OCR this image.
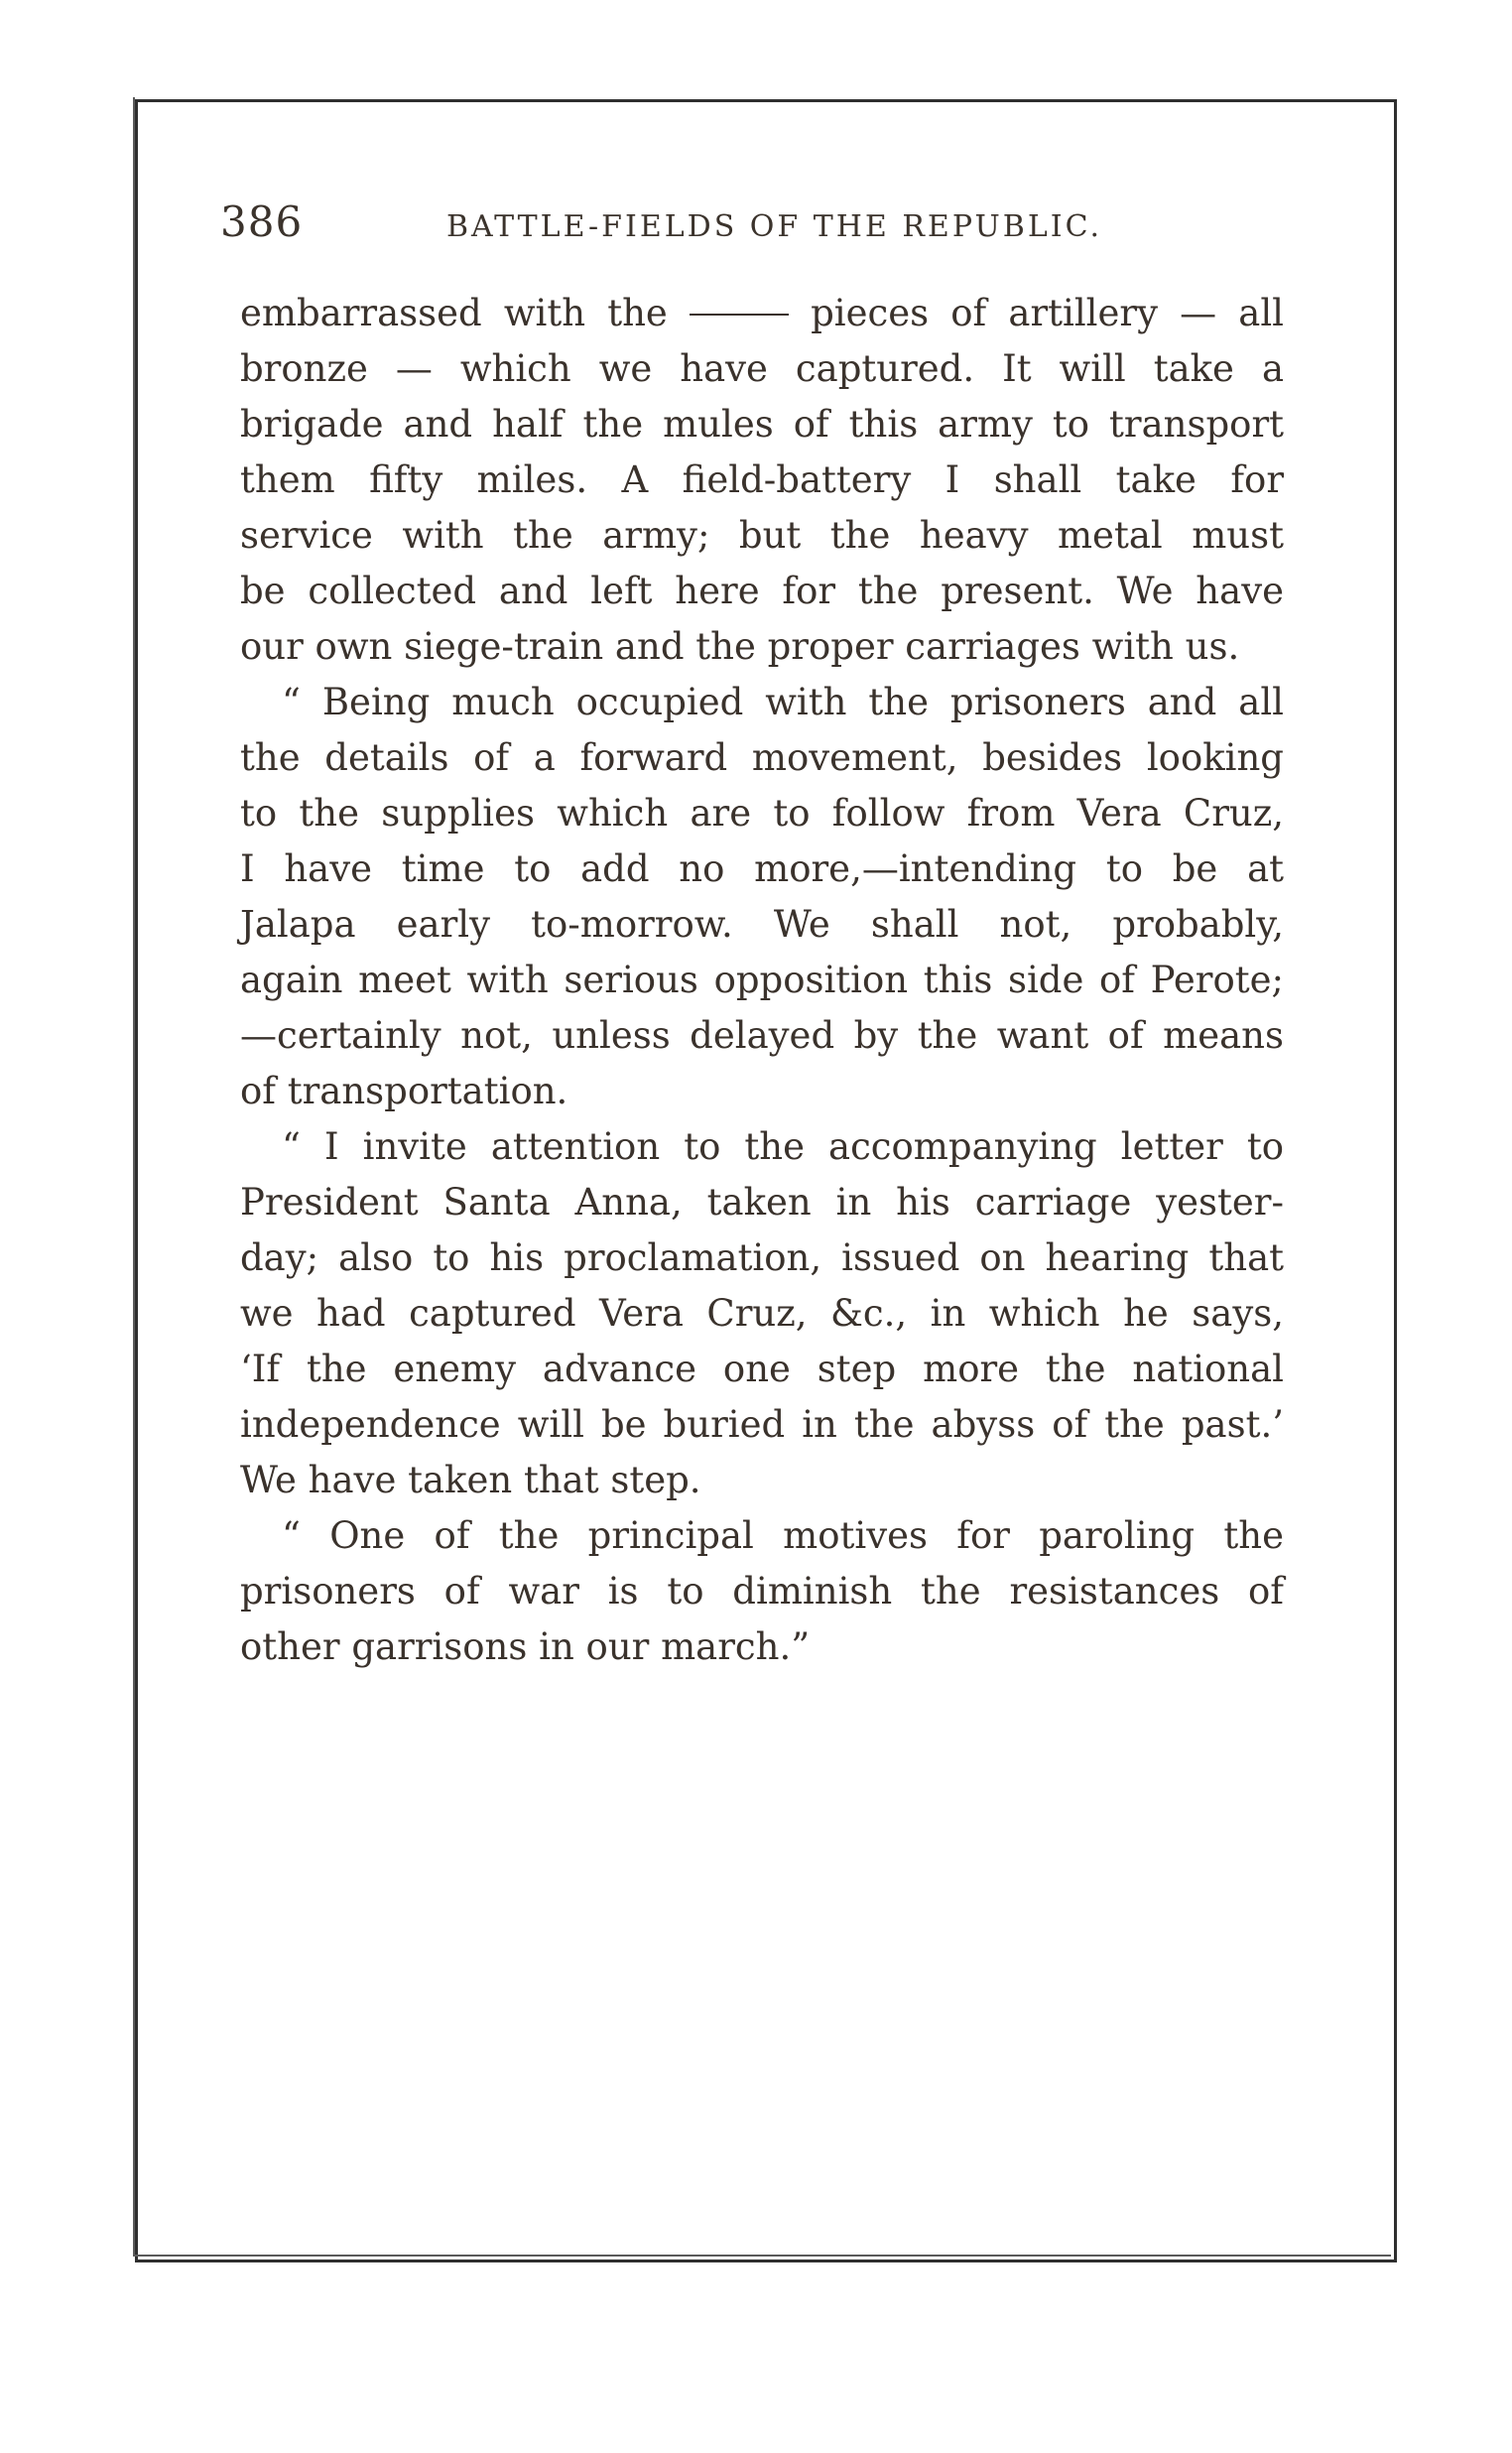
386	BATTLE-FIELDS OF THE REPUBLIC.
embarrassed with the	pieces of artillery — all
bronze — which we have captured. It will take a
brigade and half the mules of this army to transport
them fifty miles. A field-battery I shall take for
service with the army; but the heavy metal must
be collected and left here for the present. We have
our own siege-train and the proper carriages with us.
“ Being much occupied with the prisoners and all
the details of a forward movement, besides looking
to the supplies which are to follow from Vera Cruz,
I have time to add no more,—intending to be at
Jalapa early to-morrow. We shall not, probably,
again meet with serious opposition this side of Perote;
—certainly not, unless delayed by the want of means
of transportation.
“ I invite attention to the accompanying letter to
President Santa Anna, taken in his carriage yester-
day; also to his proclamation, issued on hearing that
we had captured Vera Cruz, &c., in which he says,
‘If the enemy advance one step more the national
independence will be buried in the abyss of the past.’
We have taken that step.
“ One of the principal motives for paroling the
prisoners of war is to diminish the resistances of
other garrisons in our march.”
